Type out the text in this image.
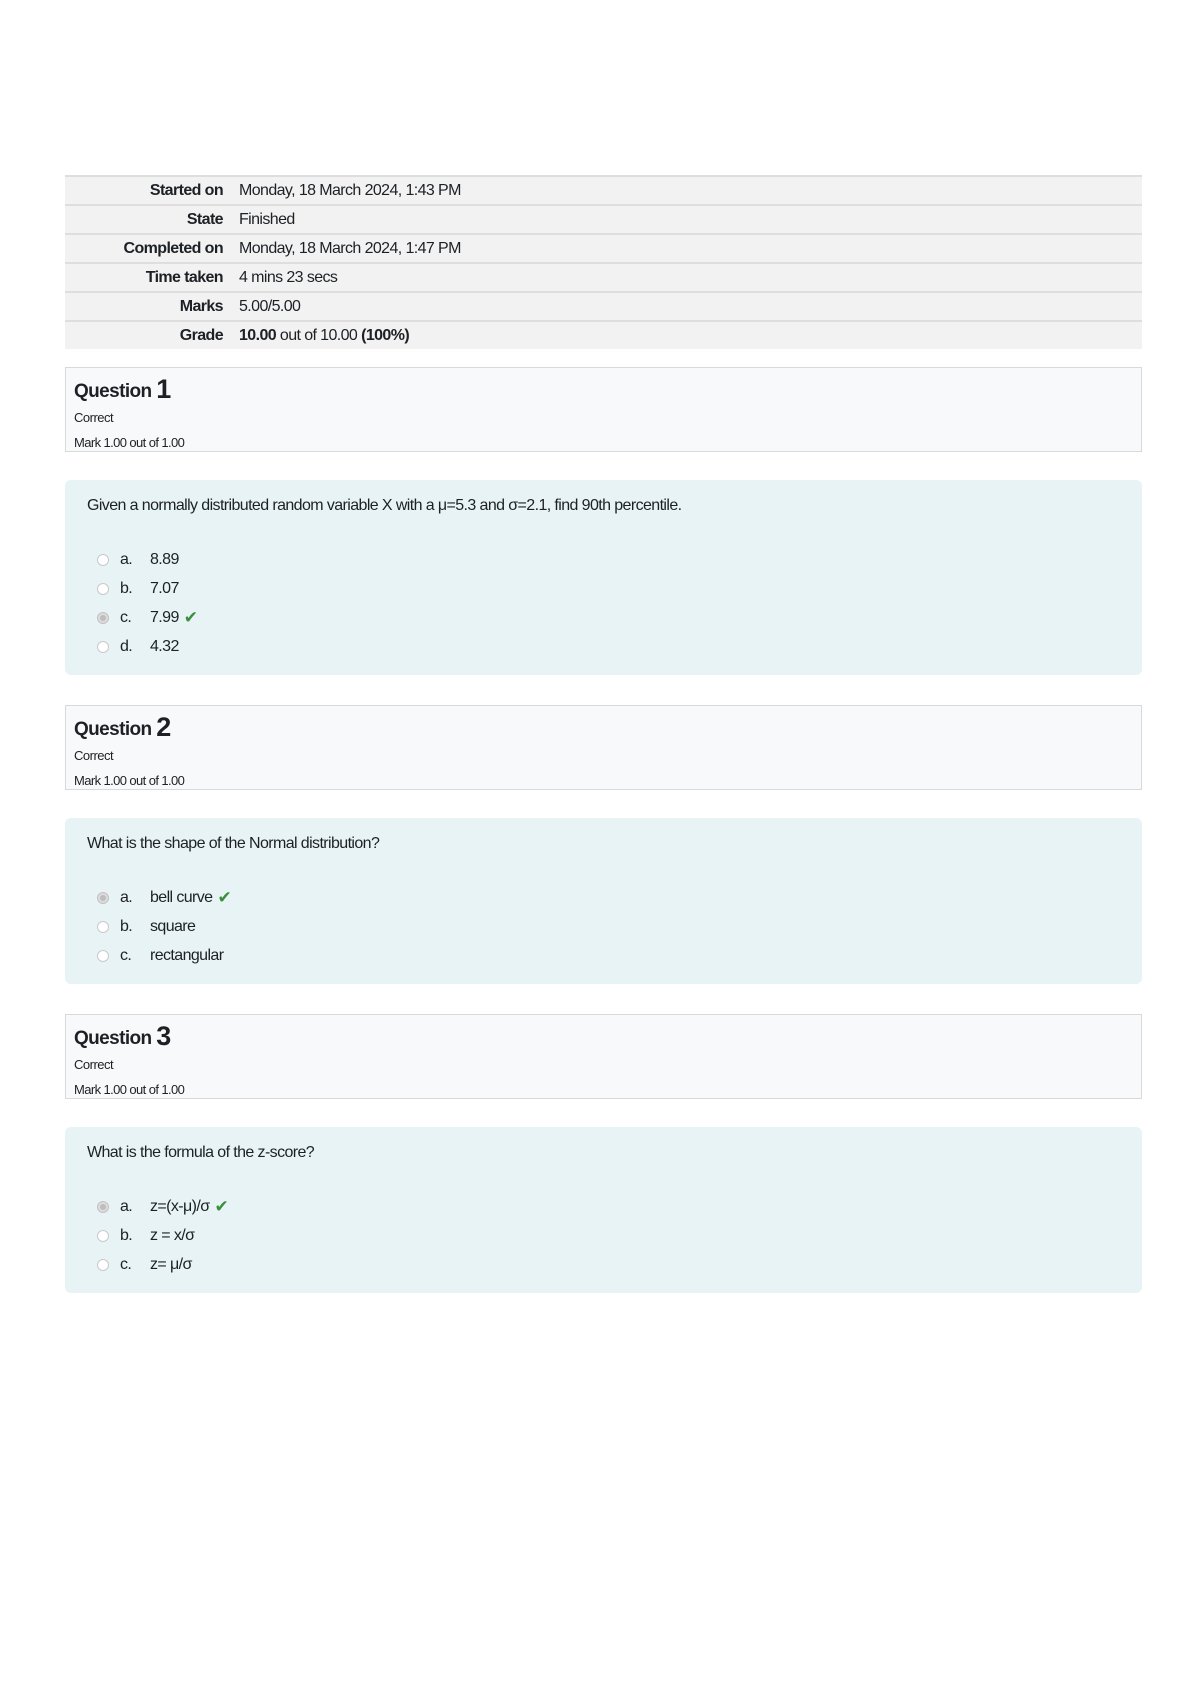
Started on	Monday, 18 March 2024, 1:43 PM
State	Finished
Completed on	Monday, 18 March 2024, 1:47 PM
Time taken	4 mins 23 secs
Marks	5.00/5.00
Grade	10.00 out of 10.00 (100%)
Question 1
Correct
Mark 1.00 out of 1.00
Given a normally distributed random variable X with a μ=5.3 and σ=2.1, find 90th percentile.
a.	8.89
b.	7.07
c.	7.99 ✔
d.	4.32
Question 2
Correct
Mark 1.00 out of 1.00
What is the shape of the Normal distribution?
a.	bell curve ✔
b.	square
c.	rectangular
Question 3
Correct
Mark 1.00 out of 1.00
What is the formula of the z-score?
a.	z=(x-μ)/σ ✔
b.	z = x/σ
c.	z= μ/σ
